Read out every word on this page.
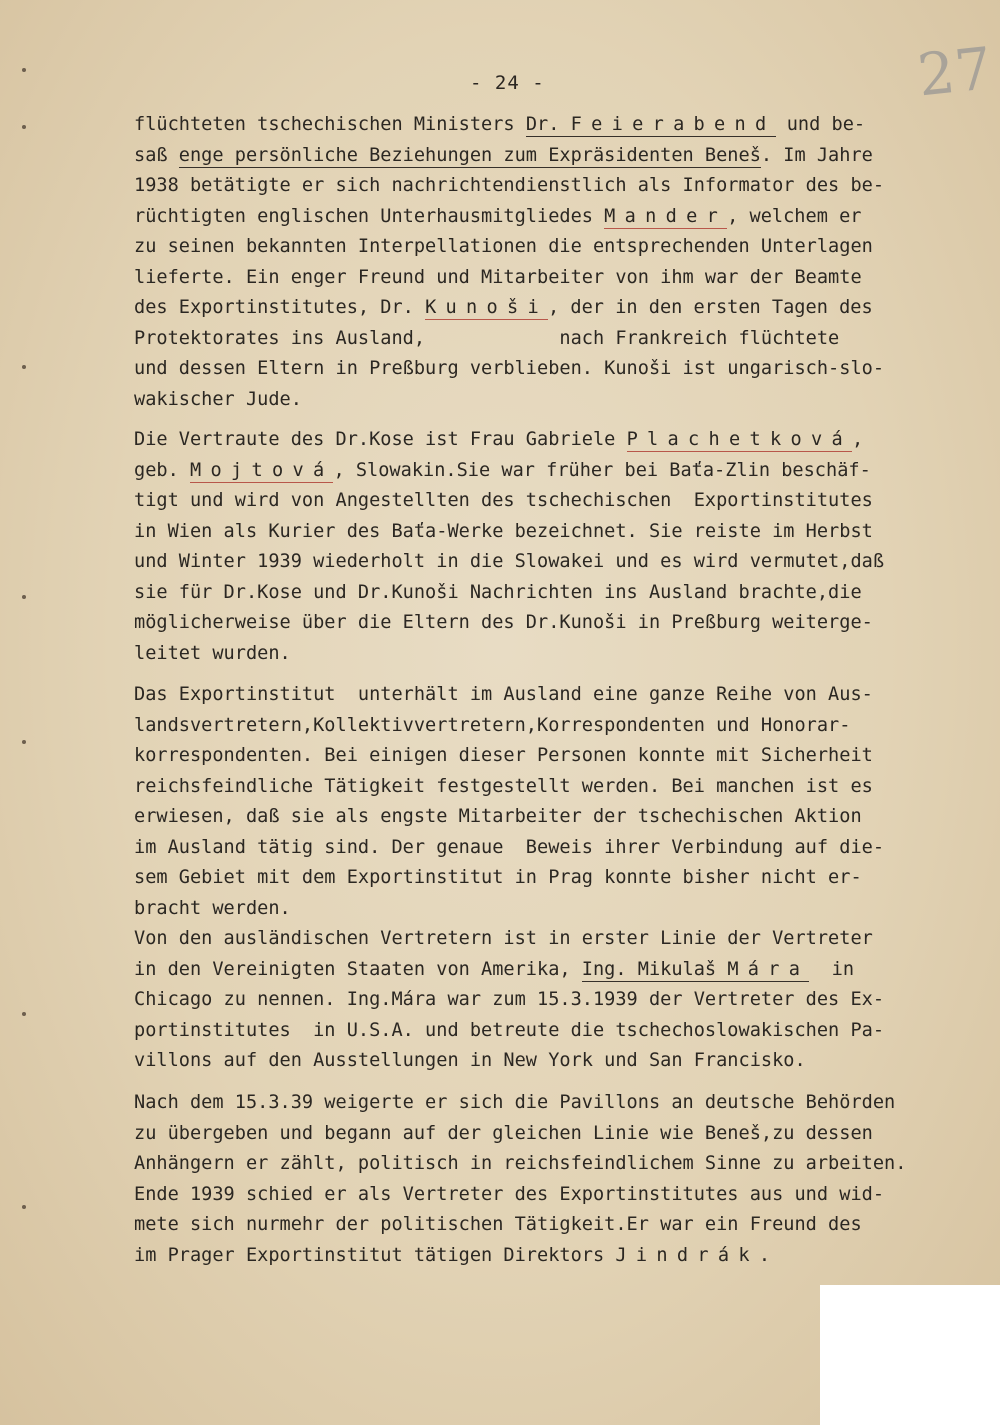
27
- 24 -
flüchteten tschechischen Ministers Dr. Feierabend und be-
saß enge persönliche Beziehungen zum Expräsidenten Beneš. Im Jahre
1938 betätigte er sich nachrichtendienstlich als Informator des be-
rüchtigten englischen Unterhausmitgliedes Mander, welchem er
zu seinen bekannten Interpellationen die entsprechenden Unterlagen
lieferte. Ein enger Freund und Mitarbeiter von ihm war der Beamte
des Exportinstitutes, Dr. Kunoši, der in den ersten Tagen des
Protektorates ins Ausland,            nach Frankreich flüchtete
und dessen Eltern in Preßburg verblieben. Kunoši ist ungarisch-slo-
wakischer Jude.
Die Vertraute des Dr.Kose ist Frau Gabriele Plachetková,
geb. Mojtová, Slowakin.Sie war früher bei Baťa-Zlin beschäf-
tigt und wird von Angestellten des tschechischen  Exportinstitutes
in Wien als Kurier des Baťa-Werke bezeichnet. Sie reiste im Herbst
und Winter 1939 wiederholt in die Slowakei und es wird vermutet,daß
sie für Dr.Kose und Dr.Kunoši Nachrichten ins Ausland brachte,die
möglicherweise über die Eltern des Dr.Kunoši in Preßburg weiterge-
leitet wurden.
Das Exportinstitut  unterhält im Ausland eine ganze Reihe von Aus-
landsvertretern,Kollektivvertretern,Korrespondenten und Honorar-
korrespondenten. Bei einigen dieser Personen konnte mit Sicherheit
reichsfeindliche Tätigkeit festgestellt werden. Bei manchen ist es
erwiesen, daß sie als engste Mitarbeiter der tschechischen Aktion
im Ausland tätig sind. Der genaue  Beweis ihrer Verbindung auf die-
sem Gebiet mit dem Exportinstitut in Prag konnte bisher nicht er-
bracht werden.
Von den ausländischen Vertretern ist in erster Linie der Vertreter
in den Vereinigten Staaten von Amerika, Ing. Mikulaš Mára  in
Chicago zu nennen. Ing.Mára war zum 15.3.1939 der Vertreter des Ex-
portinstitutes  in U.S.A. und betreute die tschechoslowakischen Pa-
villons auf den Ausstellungen in New York und San Francisko.
Nach dem 15.3.39 weigerte er sich die Pavillons an deutsche Behörden
zu übergeben und begann auf der gleichen Linie wie Beneš,zu dessen
Anhängern er zählt, politisch in reichsfeindlichem Sinne zu arbeiten.
Ende 1939 schied er als Vertreter des Exportinstitutes aus und wid-
mete sich nurmehr der politischen Tätigkeit.Er war ein Freund des
im Prager Exportinstitut tätigen Direktors Jindrák.
